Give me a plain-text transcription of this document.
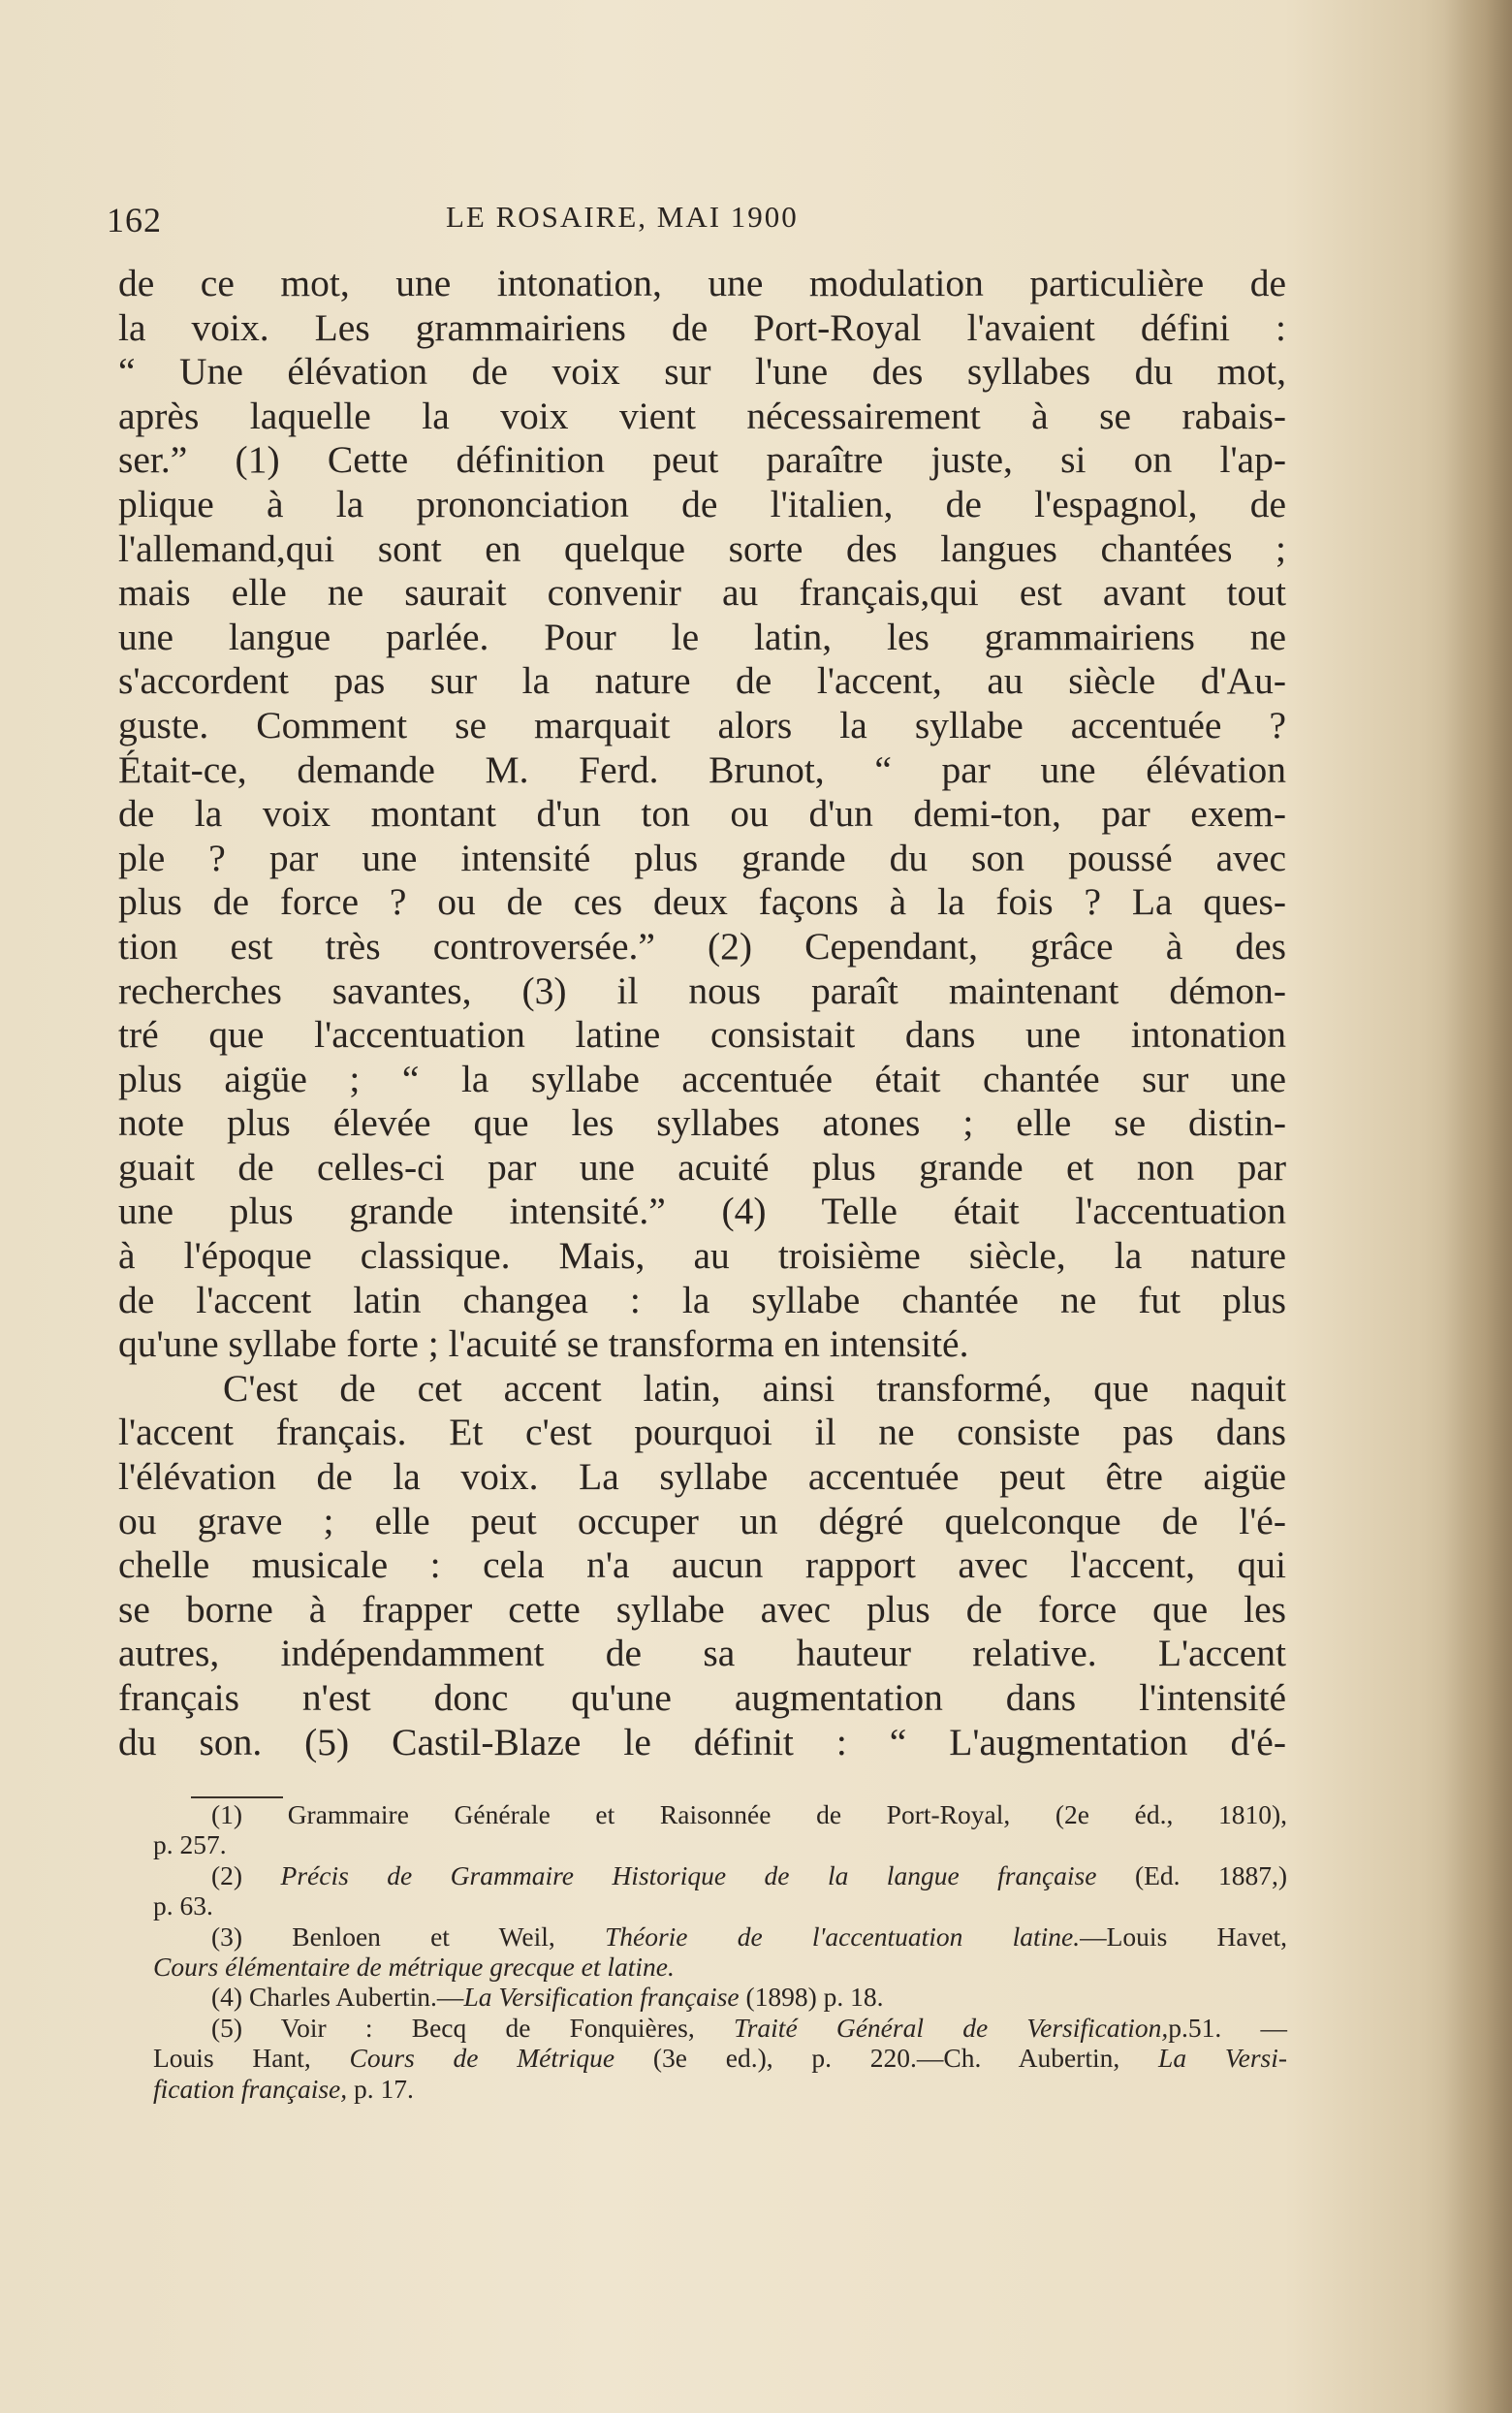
162	LE ROSAIRE, MAI 1900
de ce mot, une intonation, une modulation particulière de
la voix. Les grammairiens de Port-Royal l'avaient défini :
“ Une élévation de voix sur l'une des syllabes du mot,
après laquelle la voix vient nécessairement à se rabais-
ser.” (1) Cette définition peut paraître juste, si on l'ap-
plique à la prononciation de l'italien, de l'espagnol, de
l'allemand,qui sont en quelque sorte des langues chantées ;
mais elle ne saurait convenir au français,qui est avant tout
une langue parlée. Pour le latin, les grammairiens ne
s'accordent pas sur la nature de l'accent, au siècle d'Au-
guste. Comment se marquait alors la syllabe accentuée ?
Était-ce, demande M. Ferd. Brunot, “ par une élévation
de la voix montant d'un ton ou d'un demi-ton, par exem-
ple ? par une intensité plus grande du son poussé avec
plus de force ? ou de ces deux façons à la fois ? La ques-
tion est très controversée.” (2) Cependant, grâce à des
recherches savantes, (3) il nous paraît maintenant démon-
tré que l'accentuation latine consistait dans une intonation
plus aigüe ; “ la syllabe accentuée était chantée sur une
note plus élevée que les syllabes atones ; elle se distin-
guait de celles-ci par une acuité plus grande et non par
une plus grande intensité.” (4) Telle était l'accentuation
à l'époque classique. Mais, au troisième siècle, la nature
de l'accent latin changea : la syllabe chantée ne fut plus
qu'une syllabe forte ; l'acuité se transforma en intensité.
C'est de cet accent latin, ainsi transformé, que naquit
l'accent français. Et c'est pourquoi il ne consiste pas dans
l'élévation de la voix. La syllabe accentuée peut être aigüe
ou grave ; elle peut occuper un dégré quelconque de l'é-
chelle musicale : cela n'a aucun rapport avec l'accent, qui
se borne à frapper cette syllabe avec plus de force que les
autres, indépendamment de sa hauteur relative. L'accent
français n'est donc qu'une augmentation dans l'intensité
du son. (5) Castil-Blaze le définit : “ L'augmentation d'é-
(1) Grammaire Générale et Raisonnée de Port-Royal, (2e éd., 1810),
p. 257.
(2) Précis de Grammaire Historique de la langue française (Ed. 1887,)
p. 63.
(3) Benloen et Weil, Théorie de l'accentuation latine.—Louis Havet,
Cours élémentaire de métrique grecque et latine.
(4) Charles Aubertin.—La Versification française (1898) p. 18.
(5) Voir : Becq de Fonquières, Traité Général de Versification,p.51. —
Louis Hant, Cours de Métrique (3e ed.), p. 220.—Ch. Aubertin, La Versi-
fication française, p. 17.
